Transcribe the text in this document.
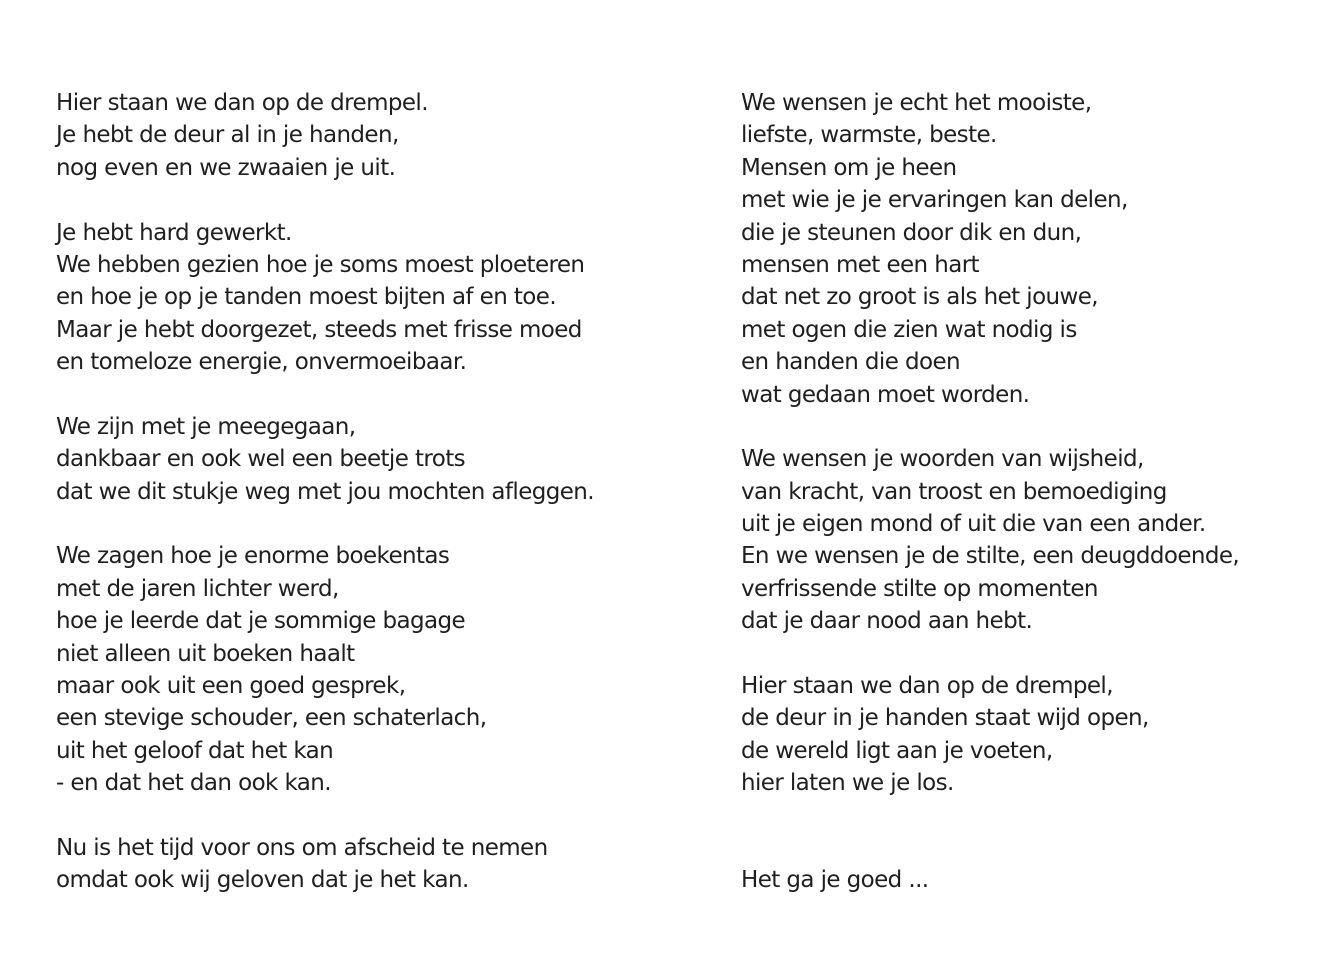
Hier staan we dan op de drempel.
Je hebt de deur al in je handen,
nog even en we zwaaien je uit.
Je hebt hard gewerkt.
We hebben gezien hoe je soms moest ploeteren
en hoe je op je tanden moest bijten af en toe.
Maar je hebt doorgezet, steeds met frisse moed
en tomeloze energie, onvermoeibaar.
We zijn met je meegegaan,
dankbaar en ook wel een beetje trots
dat we dit stukje weg met jou mochten afleggen.
We zagen hoe je enorme boekentas
met de jaren lichter werd,
hoe je leerde dat je sommige bagage
niet alleen uit boeken haalt
maar ook uit een goed gesprek,
een stevige schouder, een schaterlach,
uit het geloof dat het kan
- en dat het dan ook kan.
Nu is het tijd voor ons om afscheid te nemen
omdat ook wij geloven dat je het kan.
We wensen je echt het mooiste,
liefste, warmste, beste.
Mensen om je heen
met wie je je ervaringen kan delen,
die je steunen door dik en dun,
mensen met een hart
dat net zo groot is als het jouwe,
met ogen die zien wat nodig is
en handen die doen
wat gedaan moet worden.
We wensen je woorden van wijsheid,
van kracht, van troost en bemoediging
uit je eigen mond of uit die van een ander.
En we wensen je de stilte, een deugddoende,
verfrissende stilte op momenten
dat je daar nood aan hebt.
Hier staan we dan op de drempel,
de deur in je handen staat wijd open,
de wereld ligt aan je voeten,
hier laten we je los.
Het ga je goed ...
